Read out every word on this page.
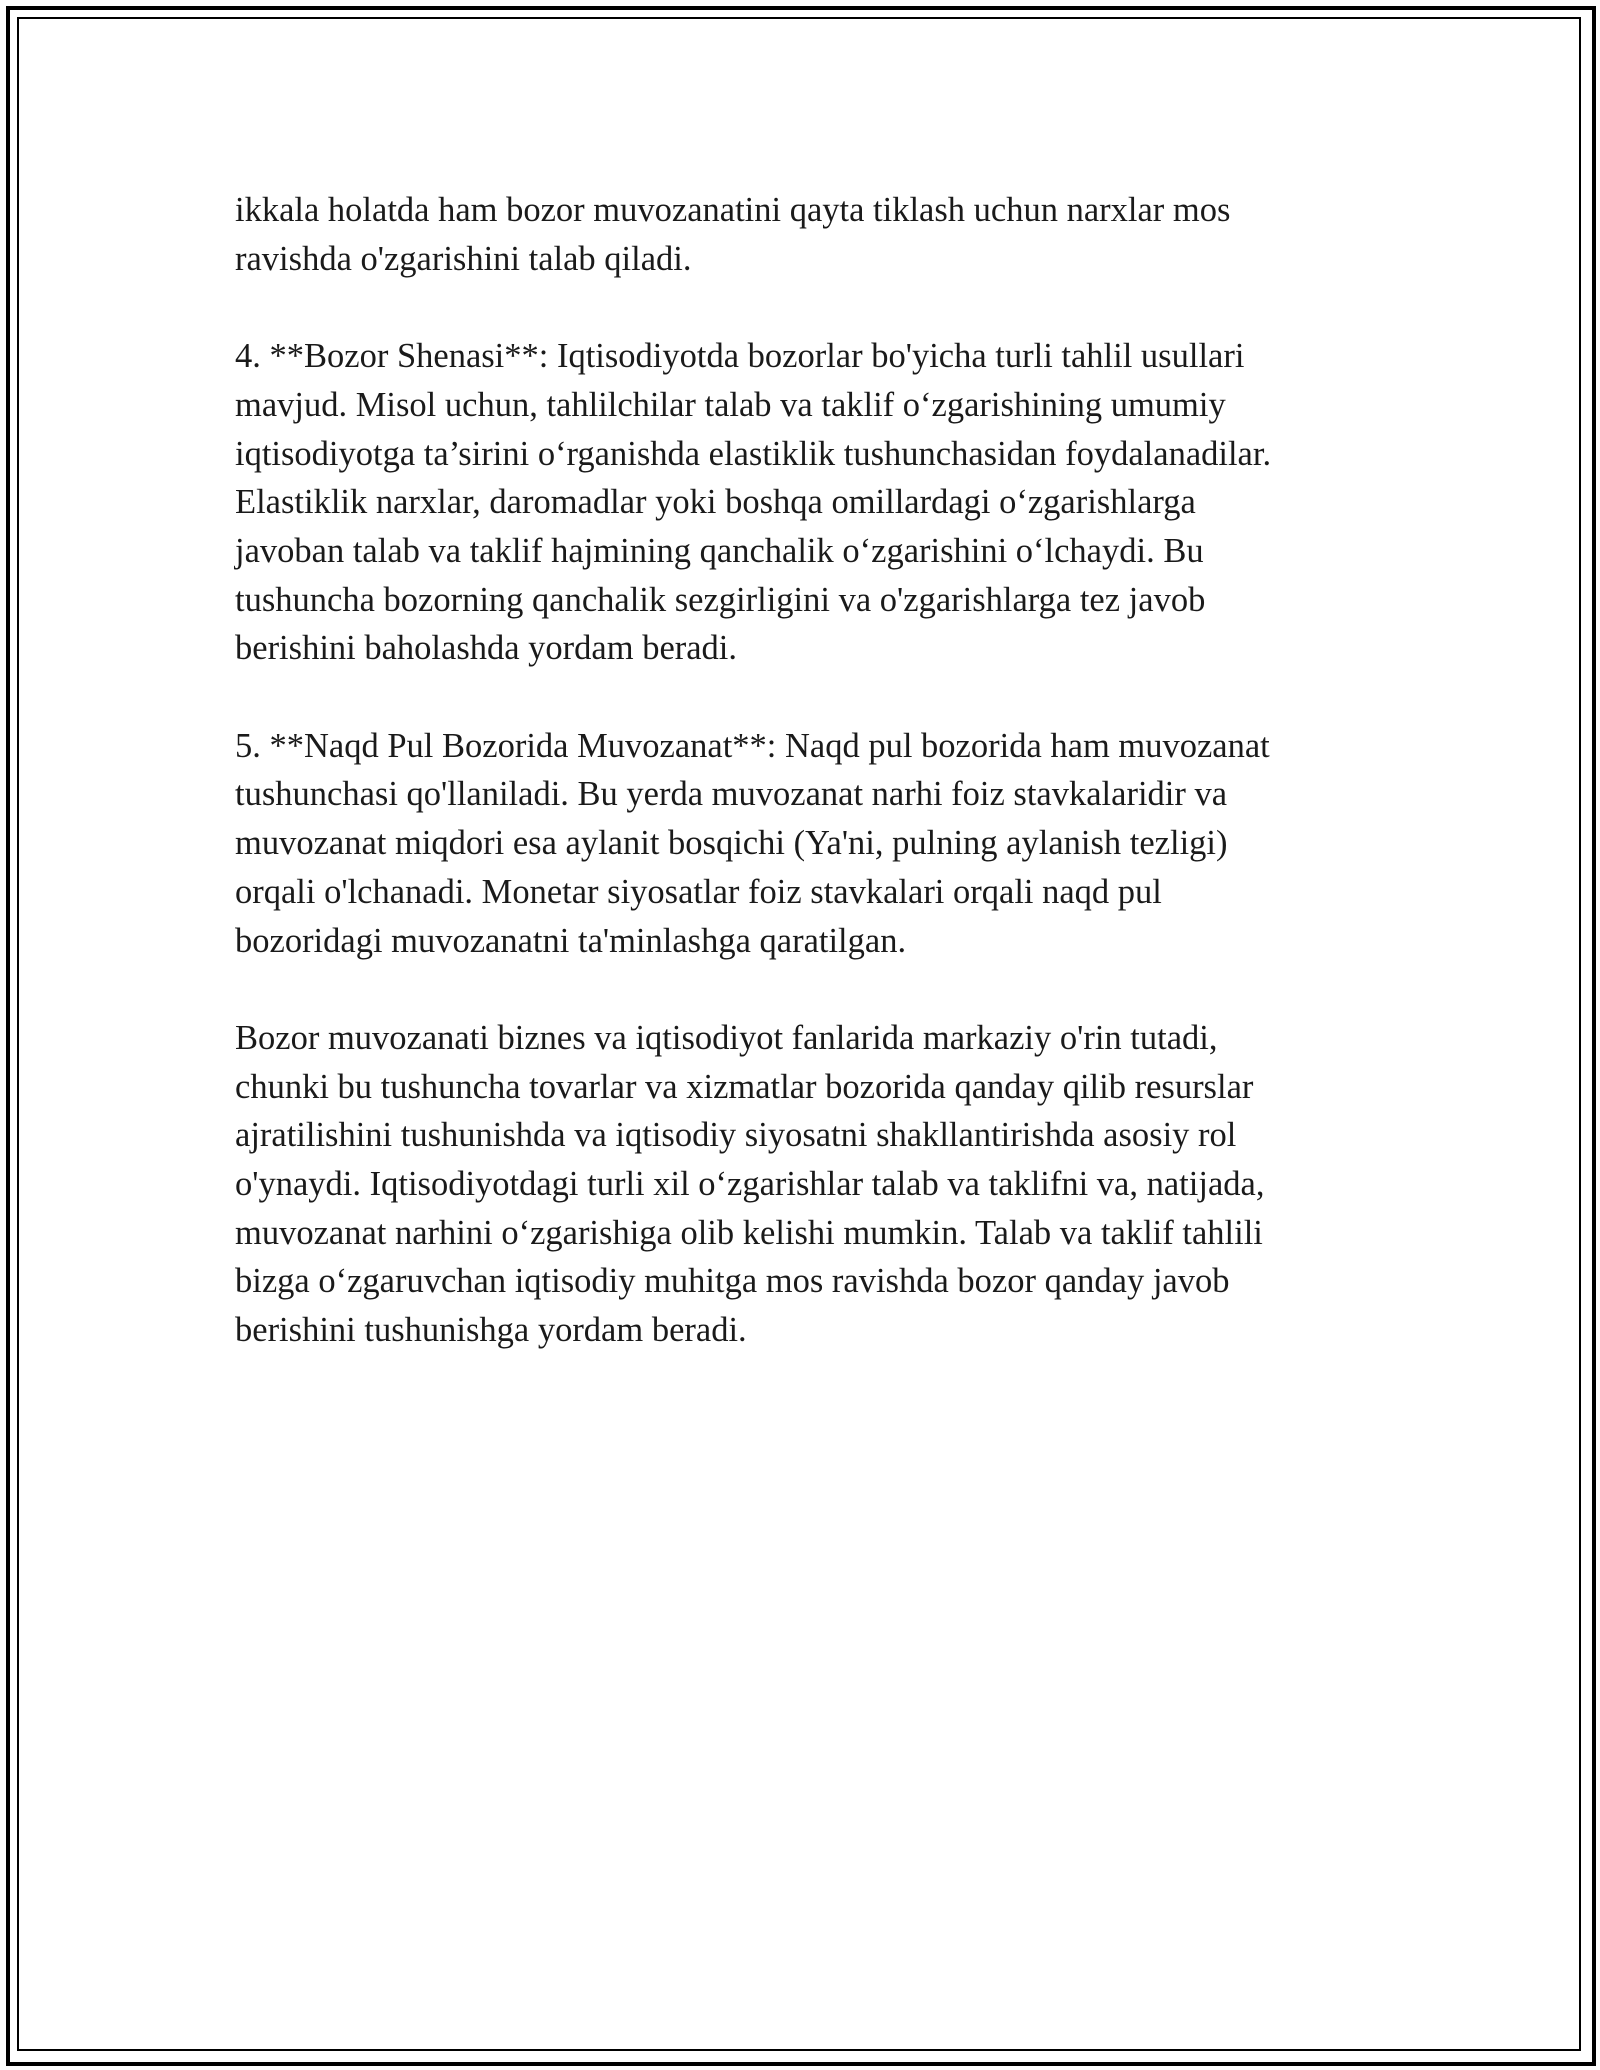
ikkala holatda ham bozor muvozanatini qayta tiklash uchun narxlar mos
ravishda o'zgarishini talab qiladi.

4. **Bozor Shenasi**: Iqtisodiyotda bozorlar bo'yicha turli tahlil usullari
mavjud. Misol uchun, tahlilchilar talab va taklif o‘zgarishining umumiy
iqtisodiyotga ta’sirini o‘rganishda elastiklik tushunchasidan foydalanadilar.
Elastiklik narxlar, daromadlar yoki boshqa omillardagi o‘zgarishlarga
javoban talab va taklif hajmining qanchalik o‘zgarishini o‘lchaydi. Bu
tushuncha bozorning qanchalik sezgirligini va o'zgarishlarga tez javob
berishini baholashda yordam beradi.

5. **Naqd Pul Bozorida Muvozanat**: Naqd pul bozorida ham muvozanat
tushunchasi qo'llaniladi. Bu yerda muvozanat narhi foiz stavkalaridir va
muvozanat miqdori esa aylanit bosqichi (Ya'ni, pulning aylanish tezligi)
orqali o'lchanadi. Monetar siyosatlar foiz stavkalari orqali naqd pul
bozoridagi muvozanatni ta'minlashga qaratilgan.

Bozor muvozanati biznes va iqtisodiyot fanlarida markaziy o'rin tutadi,
chunki bu tushuncha tovarlar va xizmatlar bozorida qanday qilib resurslar
ajratilishini tushunishda va iqtisodiy siyosatni shakllantirishda asosiy rol
o'ynaydi. Iqtisodiyotdagi turli xil o‘zgarishlar talab va taklifni va, natijada,
muvozanat narhini o‘zgarishiga olib kelishi mumkin. Talab va taklif tahlili
bizga o‘zgaruvchan iqtisodiy muhitga mos ravishda bozor qanday javob
berishini tushunishga yordam beradi.
